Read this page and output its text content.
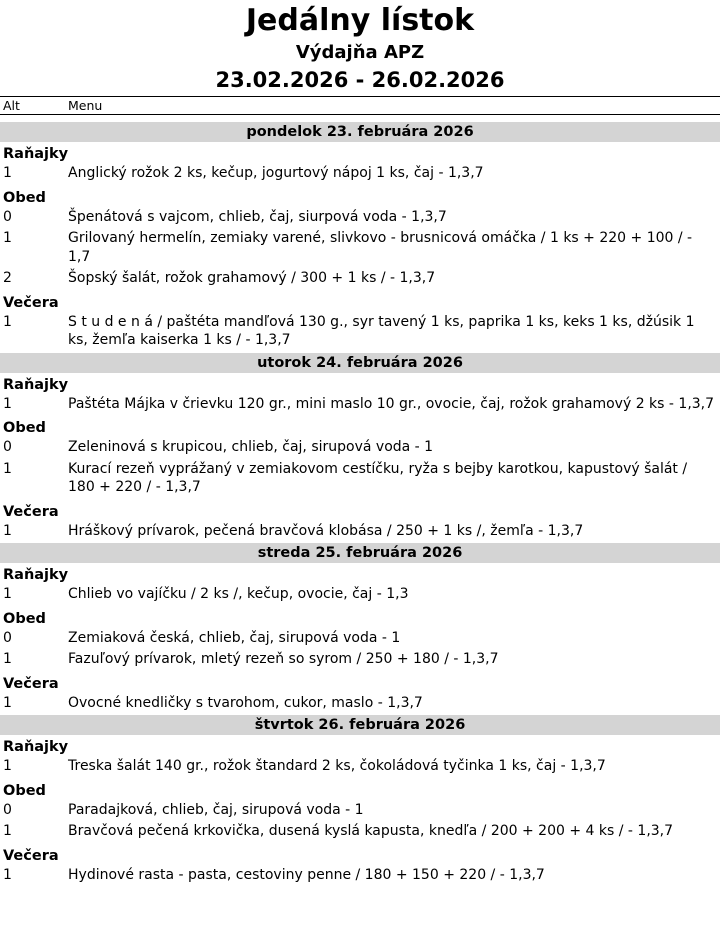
Jedálny lístok
Výdajňa APZ
23.02.2026 - 26.02.2026
Alt	Menu
pondelok 23. februára 2026
Raňajky
1	Anglický rožok 2 ks, kečup, jogurtový nápoj 1 ks, čaj - 1,3,7
Obed
0	Špenátová s vajcom, chlieb, čaj, siurpová voda - 1,3,7
1	Grilovaný hermelín, zemiaky varené, slivkovo - brusnicová omáčka / 1 ks + 220 + 100 / - 1,7
2	Šopský šalát, rožok grahamový / 300 + 1 ks / - 1,3,7
Večera
1	S t u d e n á / paštéta mandľová 130 g., syr tavený 1 ks, paprika 1 ks, keks 1 ks, džúsik 1 ks, žemľa kaiserka 1 ks / - 1,3,7
utorok 24. februára 2026
Raňajky
1	Paštéta Májka v črievku 120 gr., mini maslo 10 gr., ovocie, čaj, rožok grahamový 2 ks - 1,3,7
Obed
0	Zeleninová s krupicou, chlieb, čaj, sirupová voda - 1
1	Kurací rezeň vyprážaný v zemiakovom cestíčku, ryža s bejby karotkou, kapustový šalát / 180 + 220 / - 1,3,7
Večera
1	Hráškový prívarok, pečená bravčová klobása / 250 + 1 ks /, žemľa - 1,3,7
streda 25. februára 2026
Raňajky
1	Chlieb vo vajíčku / 2 ks /, kečup, ovocie, čaj - 1,3
Obed
0	Zemiaková česká, chlieb, čaj, sirupová voda - 1
1	Fazuľový prívarok, mletý rezeň so syrom / 250 + 180 / - 1,3,7
Večera
1	Ovocné knedličky s tvarohom, cukor, maslo - 1,3,7
štvrtok 26. februára 2026
Raňajky
1	Treska šalát 140 gr., rožok štandard 2 ks, čokoládová tyčinka 1 ks, čaj - 1,3,7
Obed
0	Paradajková, chlieb, čaj, sirupová voda - 1
1	Bravčová pečená krkovička, dusená kyslá kapusta, knedľa / 200 + 200 + 4 ks / - 1,3,7
Večera
1	Hydinové rasta - pasta, cestoviny penne / 180 + 150 + 220 / - 1,3,7
